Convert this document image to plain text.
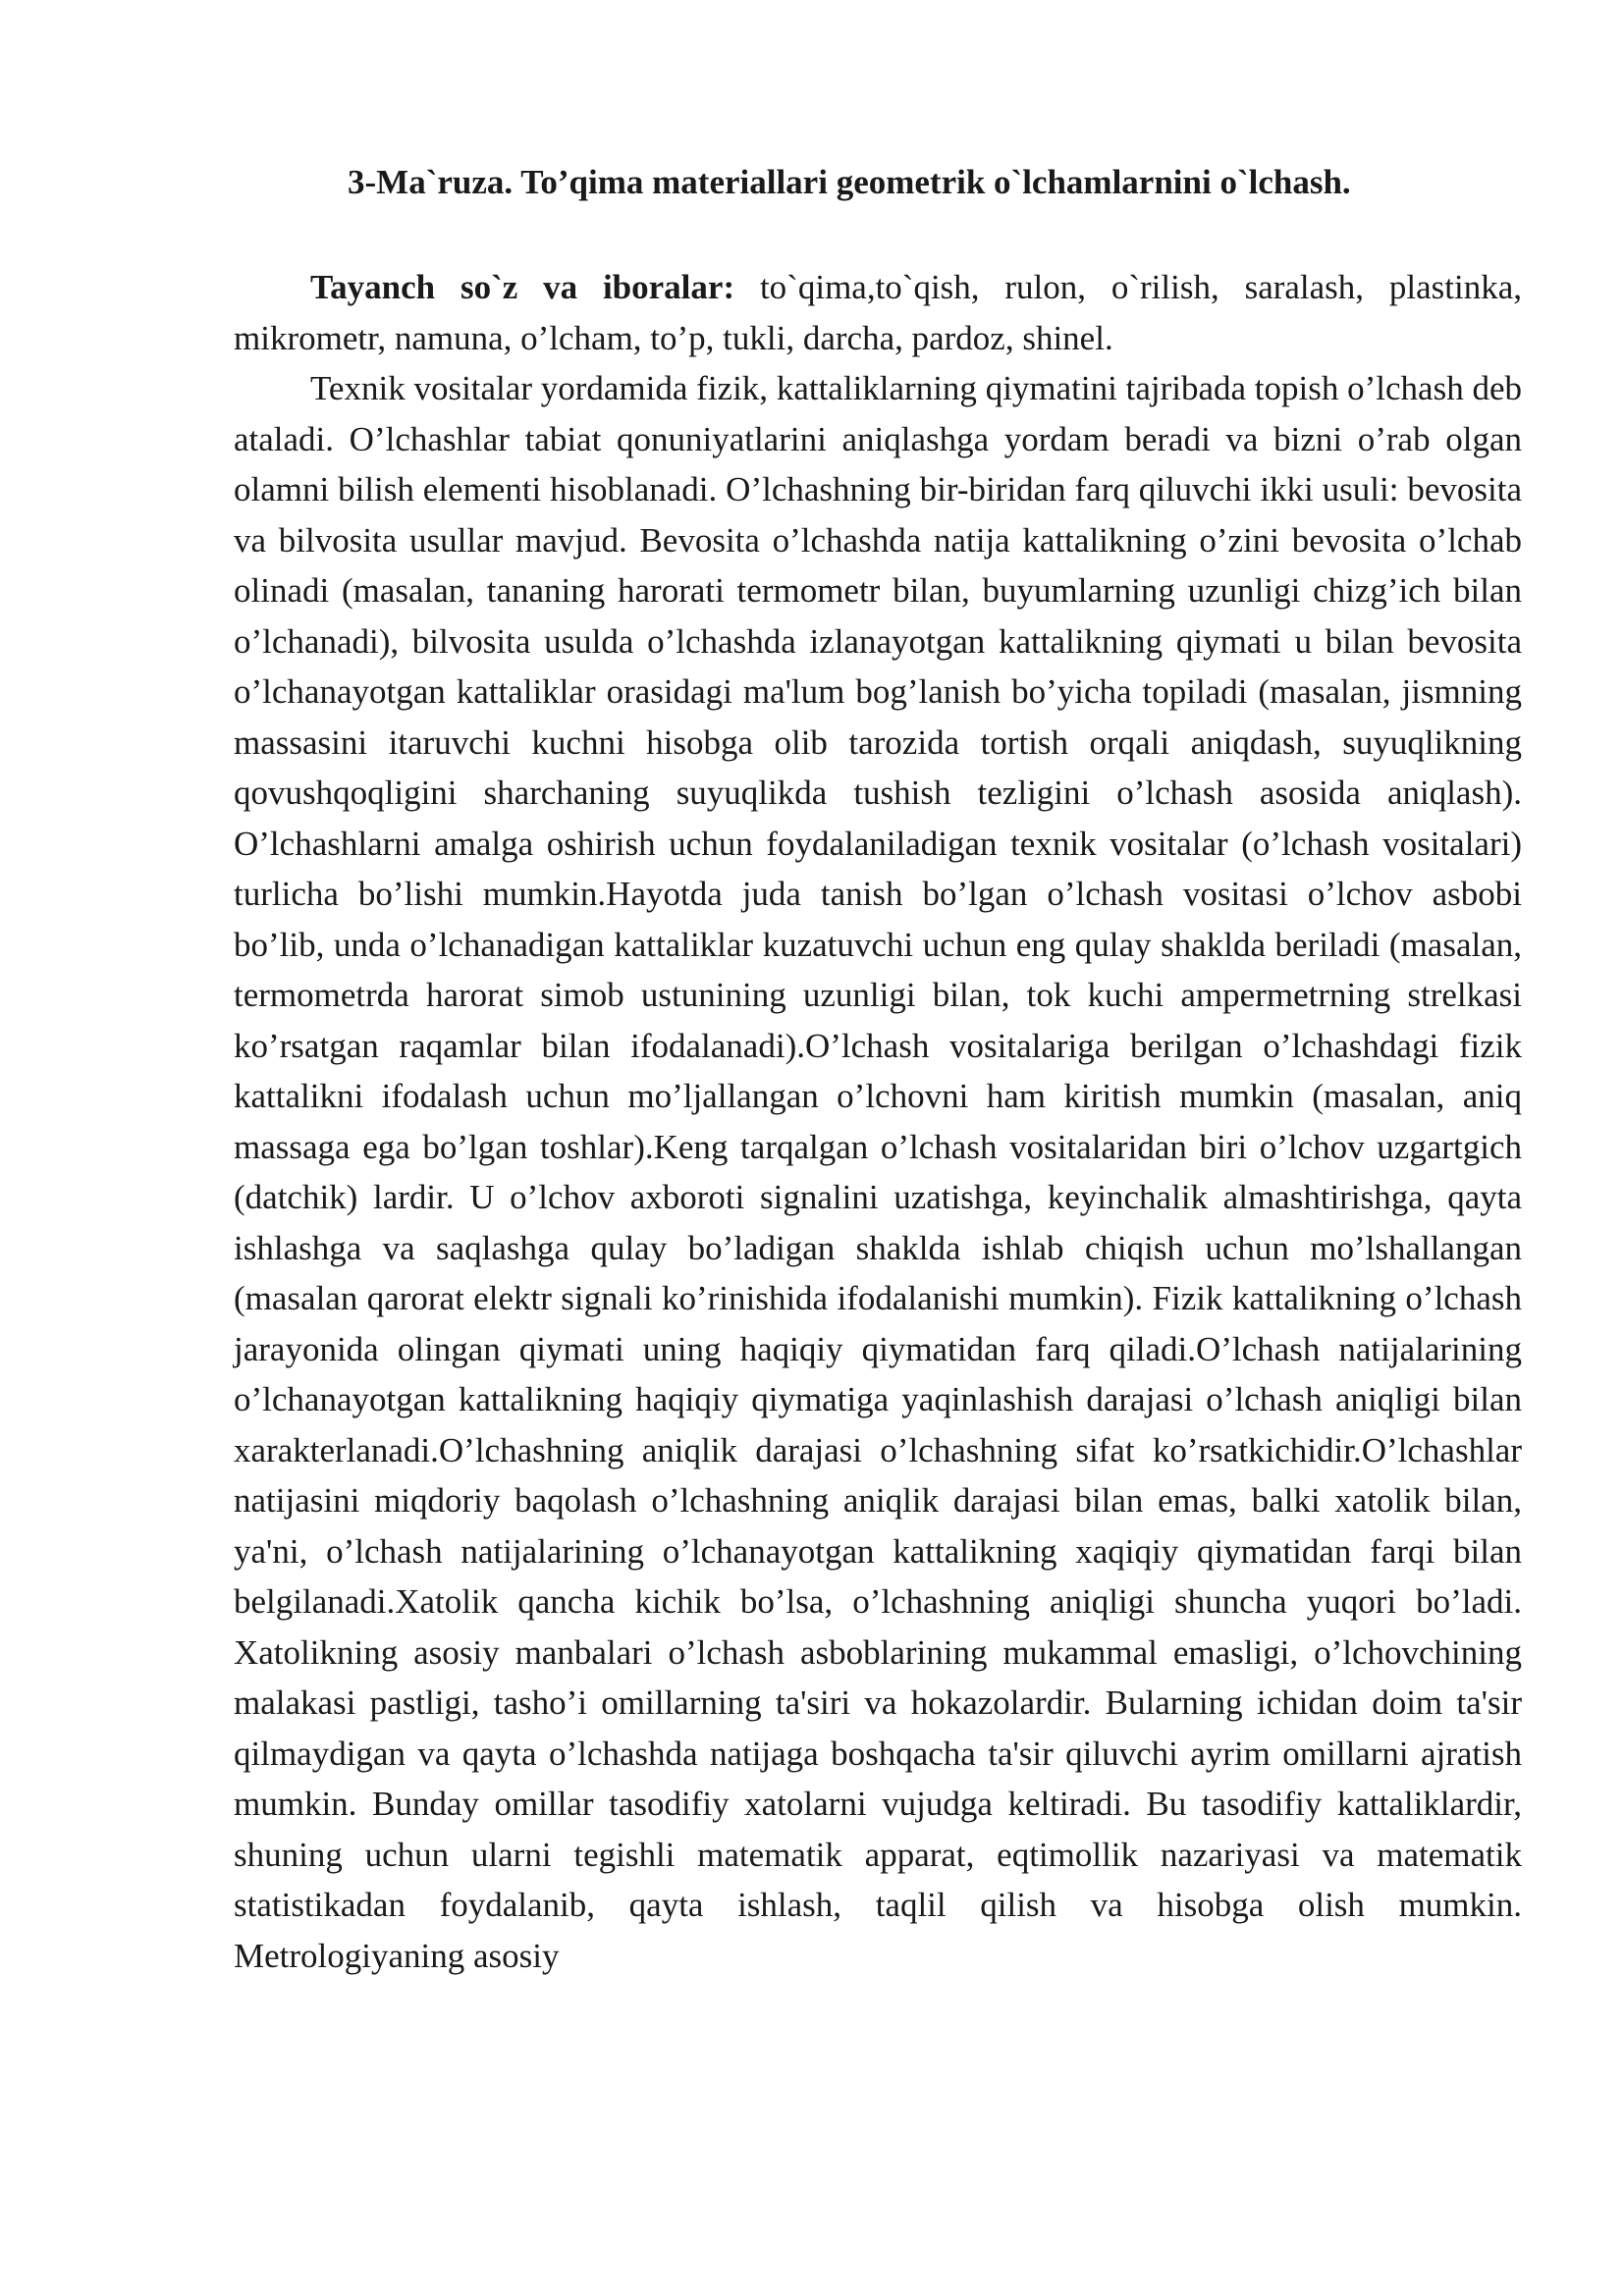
3-Ma`ruza. To’qima materiallari geometrik o`lchamlarnini o`lchash.

Tayanch so`z va iboralar: to`qima,to`qish, rulon, o`rilish, saralash, plastinka, mikrometr, namuna, o’lcham, to’p, tukli, darcha, pardoz, shinel.

Texnik vositalar yordamida fizik, kattaliklarning qiymatini tajribada topish o’lchash deb ataladi. O’lchashlar tabiat qonuniyatlarini aniqlashga yordam beradi va bizni o’rab olgan olamni bilish elementi hisoblanadi. O’lchashning bir-biridan farq qiluvchi ikki usuli: bevosita va bilvosita usullar mavjud. Bevosita o’lchashda natija kattalikning o’zini bevosita o’lchab olinadi (masalan, tananing harorati termometr bilan, buyumlarning uzunligi chizg’ich bilan o’lchanadi), bilvosita usulda o’lchashda izlanayotgan kattalikning qiymati u bilan bevosita o’lchanayotgan kattaliklar orasidagi ma'lum bog’lanish bo’yicha topiladi (masalan, jismning massasini itaruvchi kuchni hisobga olib tarozida tortish orqali aniqdash, suyuqlikning qovushqoqligini sharchaning suyuqlikda tushish tezligini o’lchash asosida aniqlash). O’lchashlarni amalga oshirish uchun foydalaniladigan texnik vositalar (o’lchash vositalari) turlicha bo’lishi mumkin.Hayotda juda tanish bo’lgan o’lchash vositasi o’lchov asbobi bo’lib, unda o’lchanadigan kattaliklar kuzatuvchi uchun eng qulay shaklda beriladi (masalan, termometrda harorat simob ustunining uzunligi bilan, tok kuchi ampermetrning strelkasi ko’rsatgan raqamlar bilan ifodalanadi).O’lchash vositalariga berilgan o’lchashdagi fizik kattalikni ifodalash uchun mo’ljallangan o’lchovni ham kiritish mumkin (masalan, aniq massaga ega bo’lgan toshlar).Keng tarqalgan o’lchash vositalaridan biri o’lchov uzgartgich (datchik) lardir. U o’lchov axboroti signalini uzatishga, keyinchalik almashtirishga, qayta ishlashga va saqlashga qulay bo’ladigan shaklda ishlab chiqish uchun mo’lshallangan (masalan qarorat elektr signali ko’rinishida ifodalanishi mumkin). Fizik kattalikning o’lchash jarayonida olingan qiymati uning haqiqiy qiymatidan farq qiladi.O’lchash natijalarining o’lchanayotgan kattalikning haqiqiy qiymatiga yaqinlashish darajasi o’lchash aniqligi bilan xarakterlanadi.O’lchashning aniqlik darajasi o’lchashning sifat ko’rsatkichidir.O’lchashlar natijasini miqdoriy baqolash o’lchashning aniqlik darajasi bilan emas, balki xatolik bilan, ya'ni, o’lchash natijalarining o’lchanayotgan kattalikning xaqiqiy qiymatidan farqi bilan belgilanadi.Xatolik qancha kichik bo’lsa, o’lchashning aniqligi shuncha yuqori bo’ladi. Xatolikning asosiy manbalari o’lchash asboblarining mukammal emasligi, o’lchovchining malakasi pastligi, tasho’i omillarning ta'siri va hokazolardir. Bularning ichidan doim ta'sir qilmaydigan va qayta o’lchashda natijaga boshqacha ta'sir qiluvchi ayrim omillarni ajratish mumkin. Bunday omillar tasodifiy xatolarni vujudga keltiradi. Bu tasodifiy kattaliklardir, shuning uchun ularni tegishli matematik apparat, eqtimollik nazariyasi va matematik statistikadan foydalanib, qayta ishlash, taqlil qilish va hisobga olish mumkin. Metrologiyaning asosiy
